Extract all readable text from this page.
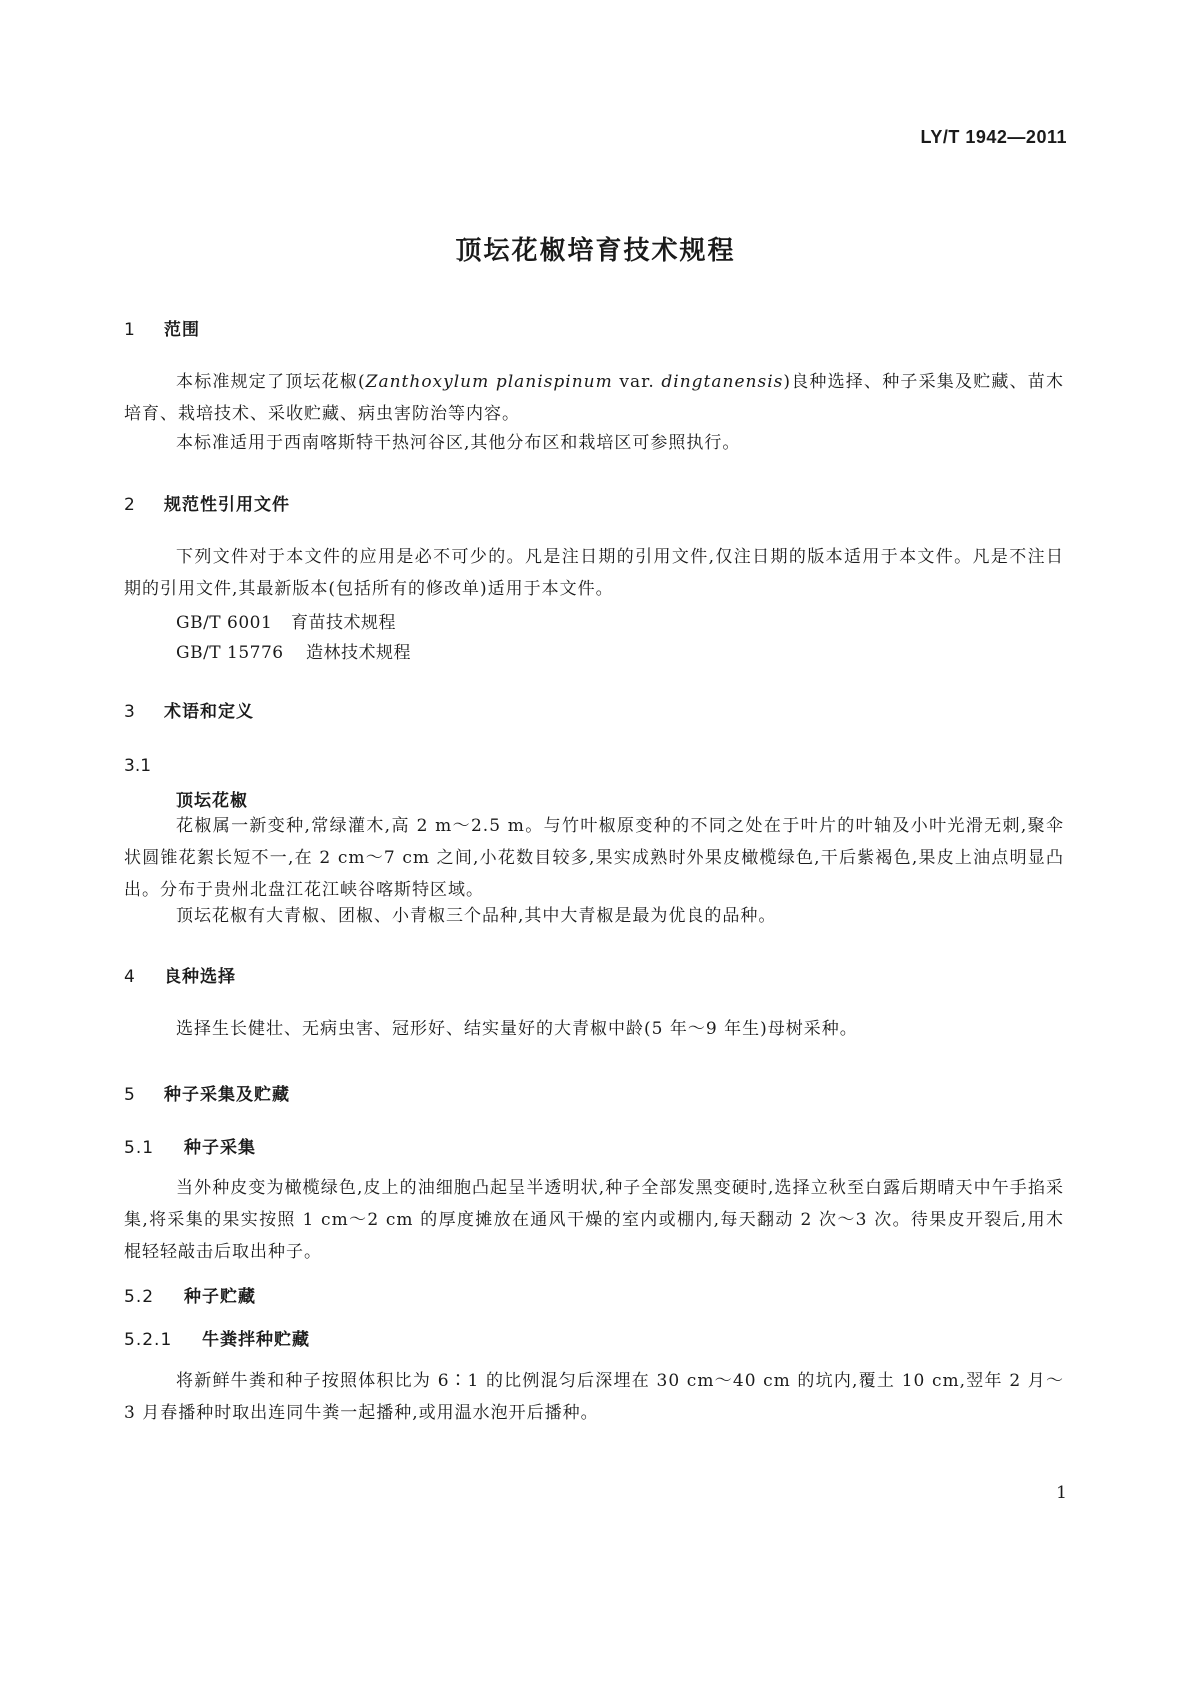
LY/T 1942—2011
顶坛花椒培育技术规程
1 范围

本标准规定了顶坛花椒(Zanthoxylum planispinum var. dingtanensis)良种选择、种子采集及贮藏、苗木培育、栽培技术、采收贮藏、病虫害防治等内容。

本标准适用于西南喀斯特干热河谷区,其他分布区和栽培区可参照执行。

2 规范性引用文件

下列文件对于本文件的应用是必不可少的。凡是注日期的引用文件,仅注日期的版本适用于本文件。凡是不注日期的引用文件,其最新版本(包括所有的修改单)适用于本文件。

GB/T 6001 育苗技术规程
GB/T 15776 造林技术规程
3 术语和定义
3.1
顶坛花椒

花椒属一新变种,常绿灌木,高 2 m～2.5 m。与竹叶椒原变种的不同之处在于叶片的叶轴及小叶光滑无刺,聚伞状圆锥花絮长短不一,在 2 cm～7 cm 之间,小花数目较多,果实成熟时外果皮橄榄绿色,干后紫褐色,果皮上油点明显凸出。分布于贵州北盘江花江峡谷喀斯特区域。

顶坛花椒有大青椒、团椒、小青椒三个品种,其中大青椒是最为优良的品种。

4 良种选择

选择生长健壮、无病虫害、冠形好、结实量好的大青椒中龄(5 年～9 年生)母树采种。

5 种子采集及贮藏
5.1 种子采集

当外种皮变为橄榄绿色,皮上的油细胞凸起呈半透明状,种子全部发黑变硬时,选择立秋至白露后期晴天中午手掐采集,将采集的果实按照 1 cm～2 cm 的厚度摊放在通风干燥的室内或棚内,每天翻动 2 次～3 次。待果皮开裂后,用木棍轻轻敲击后取出种子。

5.2 种子贮藏
5.2.1 牛粪拌种贮藏

将新鲜牛粪和种子按照体积比为 6∶1 的比例混匀后深埋在 30 cm～40 cm 的坑内,覆土 10 cm,翌年 2 月～3 月春播种时取出连同牛粪一起播种,或用温水泡开后播种。

1
